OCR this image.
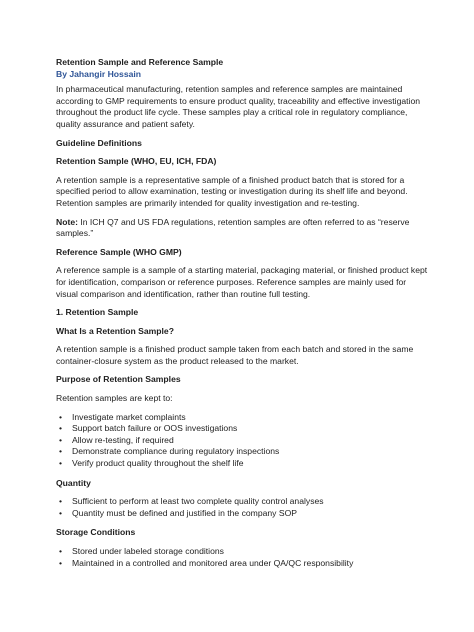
Retention Sample and Reference Sample
By Jahangir Hossain

In pharmaceutical manufacturing, retention samples and reference samples are maintained according to GMP requirements to ensure product quality, traceability and effective investigation throughout the product life cycle. These samples play a critical role in regulatory compliance, quality assurance and patient safety.

Guideline Definitions
Retention Sample (WHO, EU, ICH, FDA)

A retention sample is a representative sample of a finished product batch that is stored for a specified period to allow examination, testing or investigation during its shelf life and beyond. Retention samples are primarily intended for quality investigation and re-testing.

Note: In ICH Q7 and US FDA regulations, retention samples are often referred to as “reserve samples.”

Reference Sample (WHO GMP)

A reference sample is a sample of a starting material, packaging material, or finished product kept for identification, comparison or reference purposes. Reference samples are mainly used for visual comparison and identification, rather than routine full testing.

1. Retention Sample
What Is a Retention Sample?

A retention sample is a finished product sample taken from each batch and stored in the same container-closure system as the product released to the market.

Purpose of Retention Samples

Retention samples are kept to:

• Investigate market complaints
• Support batch failure or OOS investigations
• Allow re-testing, if required
• Demonstrate compliance during regulatory inspections
• Verify product quality throughout the shelf life
Quantity
• Sufficient to perform at least two complete quality control analyses
• Quantity must be defined and justified in the company SOP
Storage Conditions
• Stored under labeled storage conditions
• Maintained in a controlled and monitored area under QA/QC responsibility
